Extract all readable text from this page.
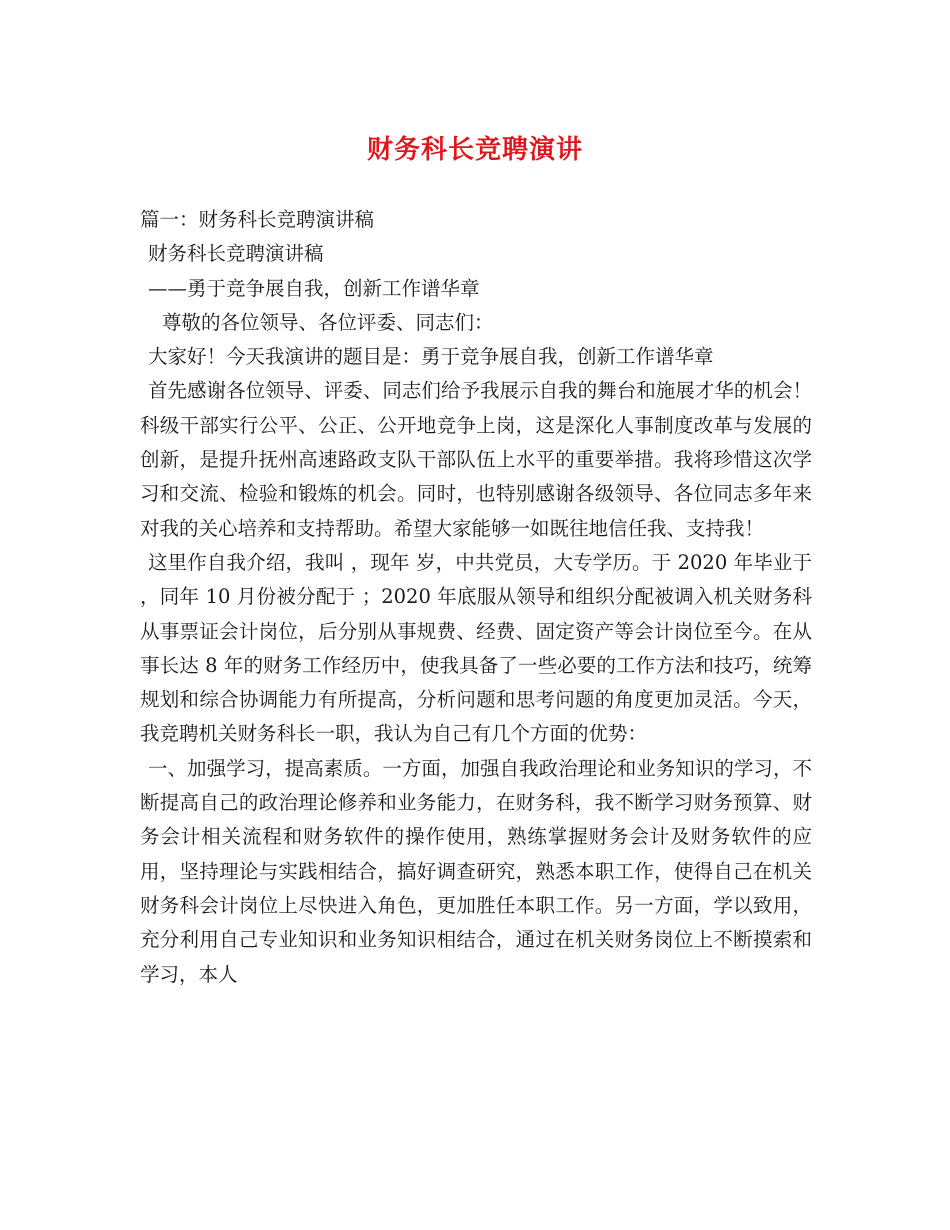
财务科长竞聘演讲
篇一：财务科长竞聘演讲稿
财务科长竞聘演讲稿
——勇于竞争展自我，创新工作谱华章
尊敬的各位领导、各位评委、同志们：
大家好！今天我演讲的题目是：勇于竞争展自我，创新工作谱华章
首先感谢各位领导、评委、同志们给予我展示自我的舞台和施展才华的机会！科级干部实行公平、公正、公开地竞争上岗，这是深化人事制度改革与发展的创新，是提升抚州高速路政支队干部队伍上水平的重要举措。我将珍惜这次学习和交流、检验和锻炼的机会。同时，也特别感谢各级领导、各位同志多年来对我的关心培养和支持帮助。希望大家能够一如既往地信任我、支持我！
这里作自我介绍，我叫 ，现年 岁，中共党员，大专学历。于 2020 年毕业于 ，同年 10 月份被分配于 ；2020 年底服从领导和组织分配被调入机关财务科从事票证会计岗位，后分别从事规费、经费、固定资产等会计岗位至今。在从事长达 8 年的财务工作经历中，使我具备了一些必要的工作方法和技巧，统筹规划和综合协调能力有所提高，分析问题和思考问题的角度更加灵活。今天，我竞聘机关财务科长一职，我认为自己有几个方面的优势：
一、加强学习，提高素质。一方面，加强自我政治理论和业务知识的学习，不断提高自己的政治理论修养和业务能力，在财务科，我不断学习财务预算、财务会计相关流程和财务软件的操作使用，熟练掌握财务会计及财务软件的应用，坚持理论与实践相结合，搞好调查研究，熟悉本职工作，使得自己在机关财务科会计岗位上尽快进入角色，更加胜任本职工作。另一方面，学以致用，充分利用自己专业知识和业务知识相结合，通过在机关财务岗位上不断摸索和学习，本人
